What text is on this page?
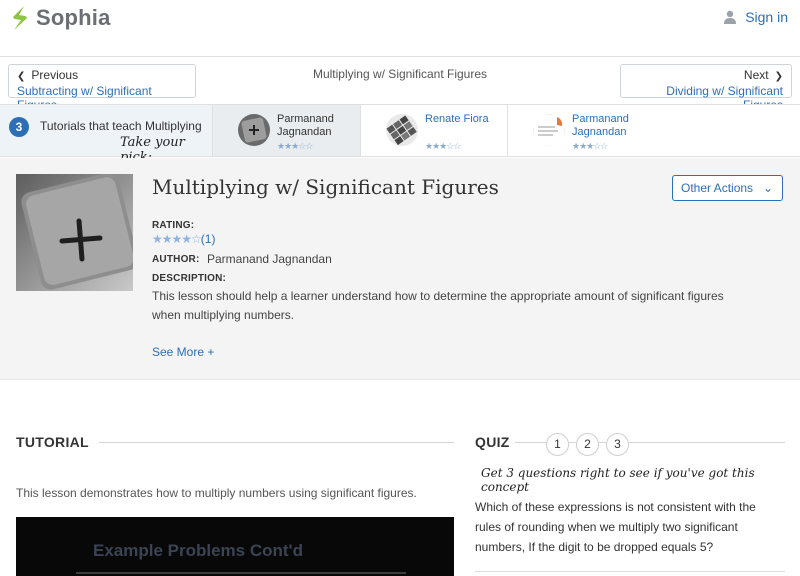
Sophia	Sign in
❮ Previous
Subtracting w/ Significant
Multiplying w/ Significant Figures	Next ❯
Dividing w/ Significant
3	Tutorials that teach Multiplying
Take your
Parmanand
Jagnandan
★★★☆☆
Renate Fiora
★★★☆☆
Parmanand
Jagnandan
★★★☆☆
Multiplying w/ Significant Figures	Other Actions ⌄
RATING:
★★★★☆(1)
AUTHOR: Parmanand Jagnandan
DESCRIPTION:
This lesson should help a learner understand how to determine the appropriate amount of significant figures when multiplying numbers.
See More +
TUTORIAL
This lesson demonstrates how to multiply numbers using significant figures.
Example Problems Cont'd
QUIZ	1	2	3
Get 3 questions right to see if you've got this concept
Which of these expressions is not consistent with the rules of rounding when we multiply two significant numbers, If the digit to be dropped equals 5?
